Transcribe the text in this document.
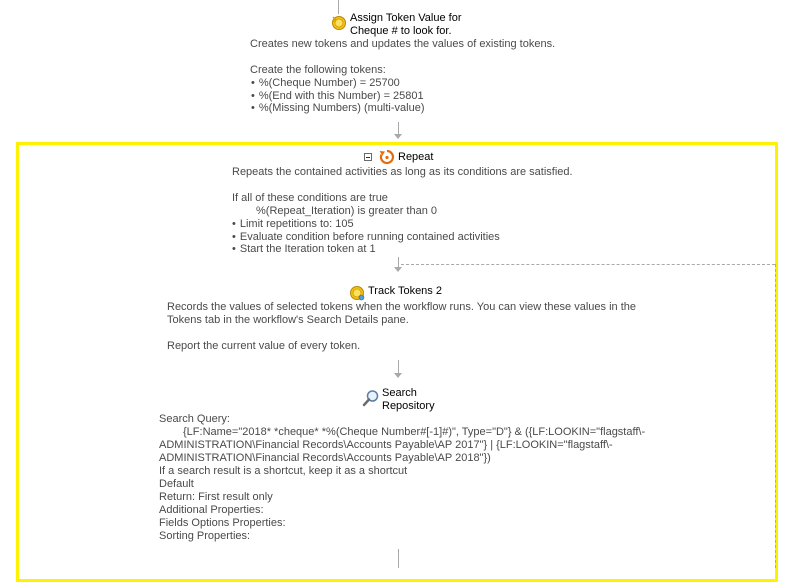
Assign Token Value for
Cheque # to look for.
Creates new tokens and updates the values of existing tokens.
Create the following tokens:
• %(Cheque Number) = 25700
• %(End with this Number) = 25801
• %(Missing Numbers) (multi-value)
Repeat
Repeats the contained activities as long as its conditions are satisfied.
If all of these conditions are true
%(Repeat_Iteration) is greater than 0
• Limit repetitions to: 105
• Evaluate condition before running contained activities
• Start the Iteration token at 1
Track Tokens 2
Records the values of selected tokens when the workflow runs. You can view these values in the
Tokens tab in the workflow's Search Details pane.
Report the current value of every token.
Search
Repository
Search Query:
{LF:Name="2018* *cheque* *%(Cheque Number#[-1]#)", Type="D"} & ({LF:LOOKIN="flagstaff\-
ADMINISTRATION\Financial Records\Accounts Payable\AP 2017"} | {LF:LOOKIN="flagstaff\-
ADMINISTRATION\Financial Records\Accounts Payable\AP 2018"})
If a search result is a shortcut, keep it as a shortcut
Default
Return: First result only
Additional Properties:
Fields Options Properties:
Sorting Properties:
